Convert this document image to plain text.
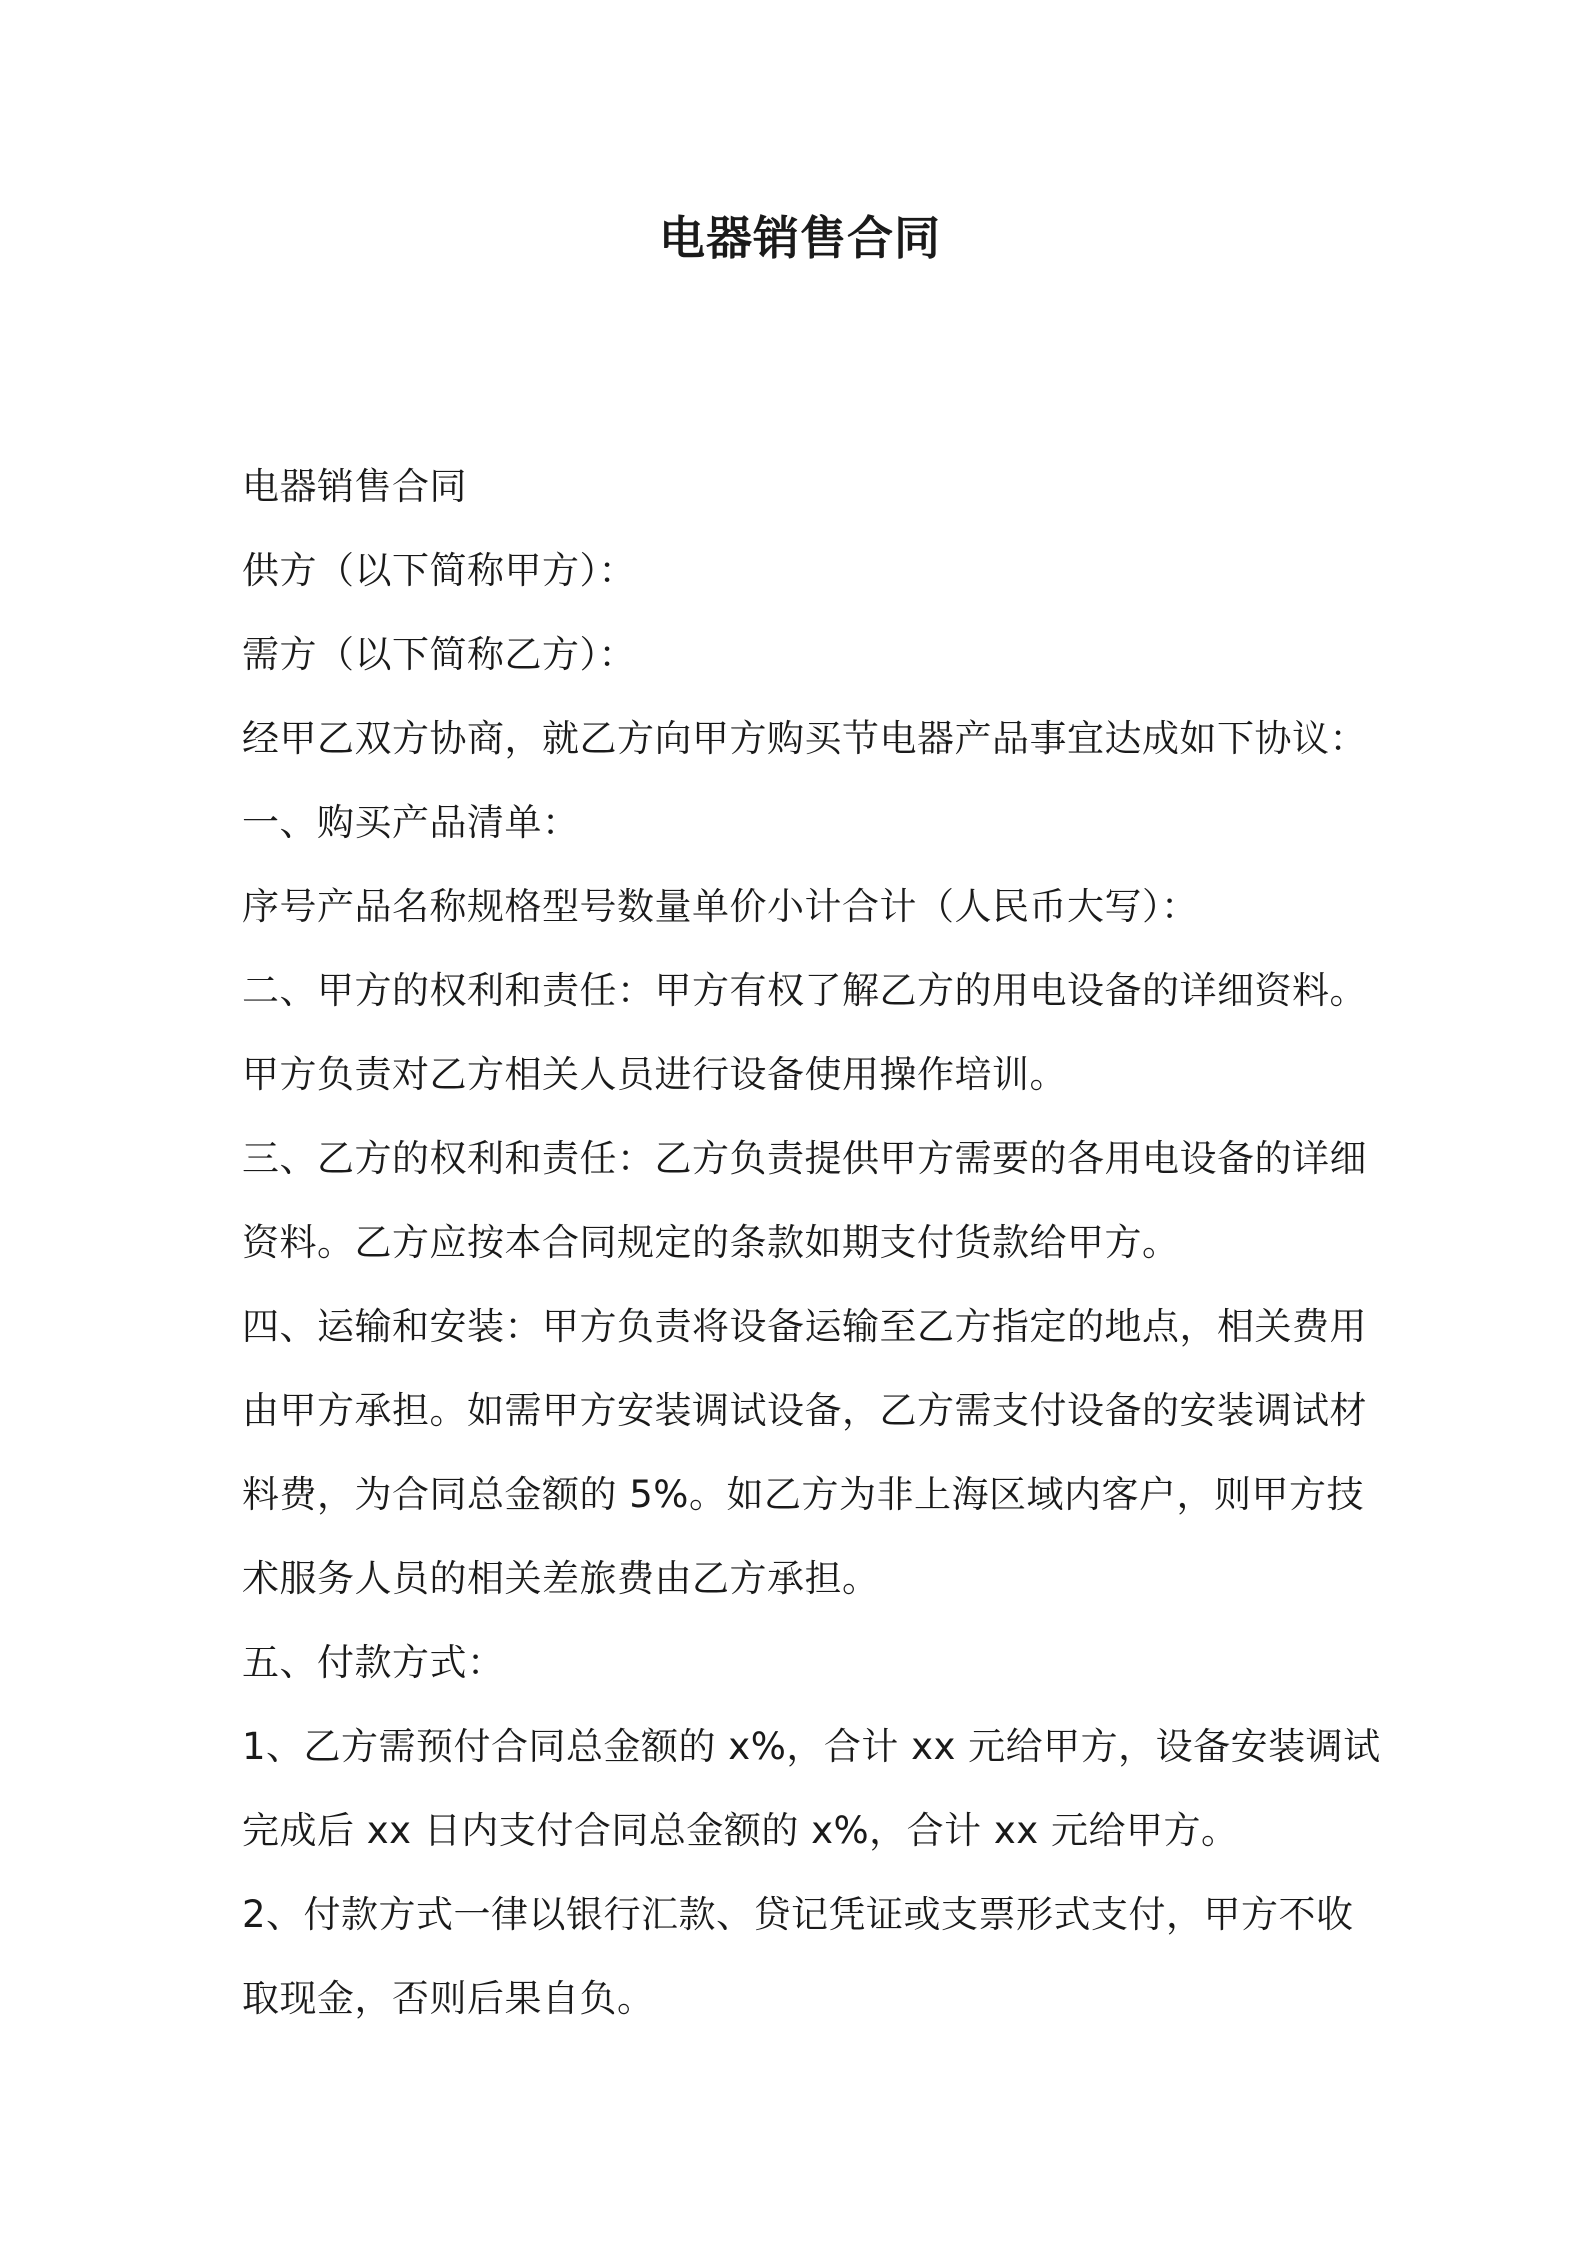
电器销售合同
电器销售合同
供方（以下简称甲方）：
需方（以下简称乙方）：
经甲乙双方协商，就乙方向甲方购买节电器产品事宜达成如下协议：
一、购买产品清单：
序号产品名称规格型号数量单价小计合计（人民币大写）：
二、甲方的权利和责任：甲方有权了解乙方的用电设备的详细资料。
甲方负责对乙方相关人员进行设备使用操作培训。
三、乙方的权利和责任：乙方负责提供甲方需要的各用电设备的详细
资料。乙方应按本合同规定的条款如期支付货款给甲方。
四、运输和安装：甲方负责将设备运输至乙方指定的地点，相关费用
由甲方承担。如需甲方安装调试设备，乙方需支付设备的安装调试材
料费，为合同总金额的 5%。如乙方为非上海区域内客户，则甲方技
术服务人员的相关差旅费由乙方承担。
五、付款方式：
1、乙方需预付合同总金额的 x%，合计 xx 元给甲方，设备安装调试
完成后 xx 日内支付合同总金额的 x%，合计 xx 元给甲方。
2、付款方式一律以银行汇款、贷记凭证或支票形式支付，甲方不收
取现金，否则后果自负。
